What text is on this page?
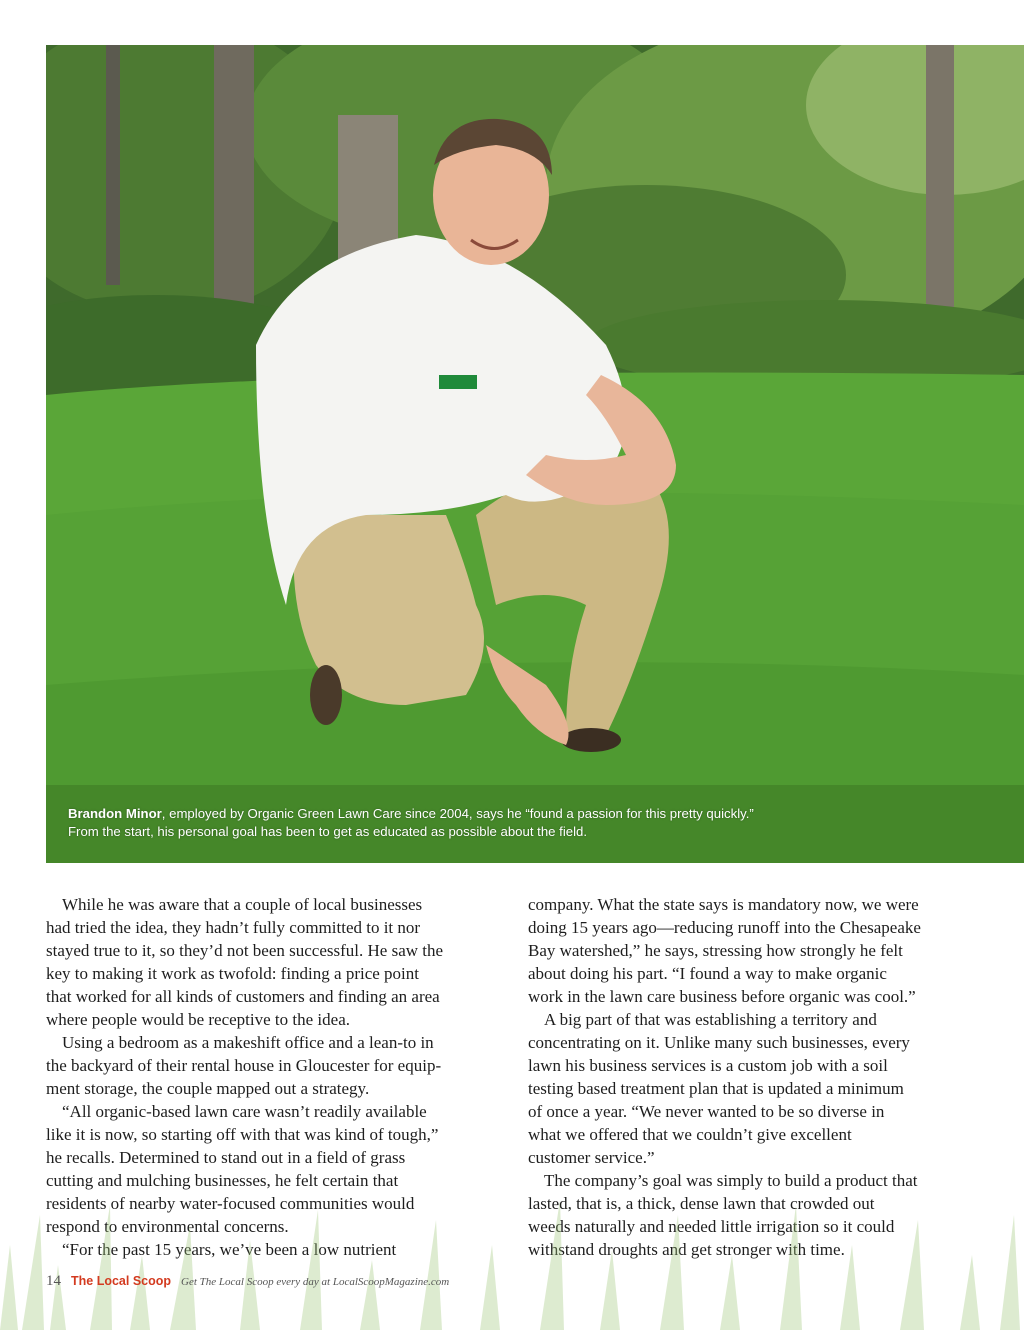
Brandon Minor, employed by Organic Green Lawn Care since 2004, says he “found a passion for this pretty quickly.”
From the start, his personal goal has been to get as educated as possible about the field.
While he was aware that a couple of local businesses
had tried the idea, they hadn’t fully committed to it nor
stayed true to it, so they’d not been successful. He saw the
key to making it work as twofold: finding a price point
that worked for all kinds of customers and finding an area
where people would be receptive to the idea.
Using a bedroom as a makeshift office and a lean-to in
the backyard of their rental house in Gloucester for equip-
ment storage, the couple mapped out a strategy.
“All organic-based lawn care wasn’t readily available
like it is now, so starting off with that was kind of tough,”
he recalls. Determined to stand out in a field of grass
cutting and mulching businesses, he felt certain that
residents of nearby water-focused communities would
respond to environmental concerns.
“For the past 15 years, we’ve been a low nutrient
company. What the state says is mandatory now, we were
doing 15 years ago—reducing runoff into the Chesapeake
Bay watershed,” he says, stressing how strongly he felt
about doing his part. “I found a way to make organic
work in the lawn care business before organic was cool.”
A big part of that was establishing a territory and
concentrating on it. Unlike many such businesses, every
lawn his business services is a custom job with a soil
testing based treatment plan that is updated a minimum
of once a year. “We never wanted to be so diverse in
what we offered that we couldn’t give excellent
customer service.”
The company’s goal was simply to build a product that
lasted, that is, a thick, dense lawn that crowded out
weeds naturally and needed little irrigation so it could
withstand droughts and get stronger with time.
14 The Local Scoop Get The Local Scoop every day at LocalScoopMagazine.com
